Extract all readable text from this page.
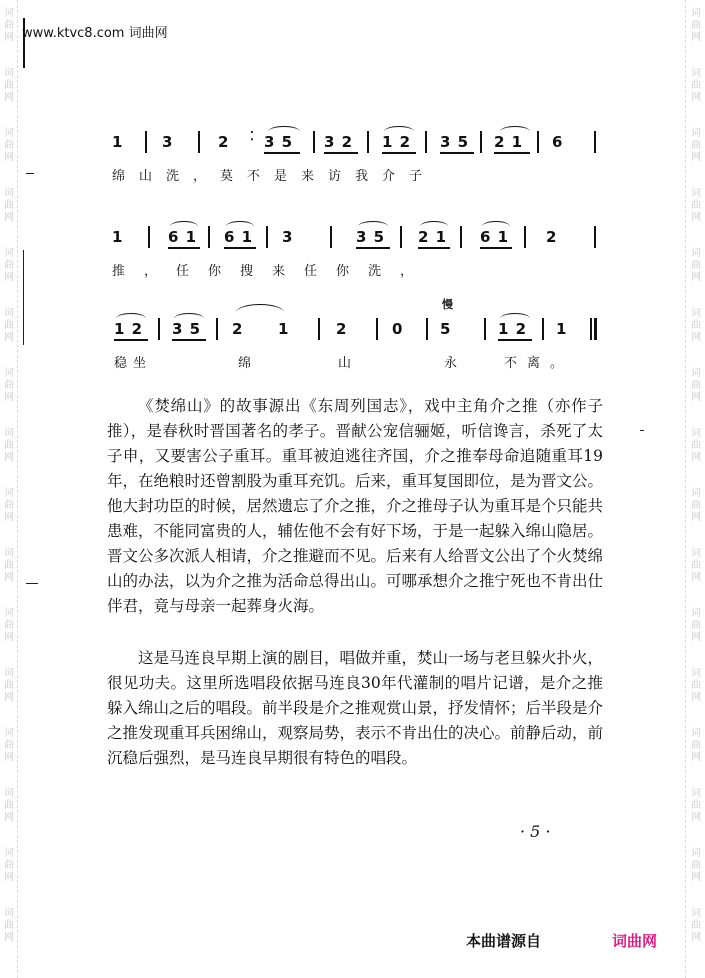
词
曲
网
词
曲
网
词
曲
网
词
曲
网
词
曲
网
词
曲
网
词
曲
网
词
曲
网
词
曲
网
词
曲
网
词
曲
网
词
曲
网
词
曲
网
词
曲
网
词
曲
网
词
曲
网
词
曲
网
词
曲
网
词
曲
网
词
曲
网
词
曲
网
词
曲
网
词
曲
网
词
曲
网
词
曲
网
词
曲
网
词
曲
网
词
曲
网
词
曲
网
词
曲
网
词
曲
网
词
曲
网
www.ktvc8.com 词曲网
1	3	2 ⁚ 3 5 3 2 1 2 3 5 2 1 6
绵山洗，莫不是来访我介子
1	6 1 6 1 3	3 5 2 1 6 1 2
推，任你搜来任你洗，
1 2 3 5 2 1	2	0
慢
5	1 2 1
稳坐	绵	山	永	不离。

《焚绵山》的故事源出《东周列国志》，戏中主角介之推（亦作子推），是春秋时晋国著名的孝子。晋献公宠信骊姬，听信谗言，杀死了太子申，又要害公子重耳。重耳被迫逃往齐国，介之推奉母命追随重耳19年，在绝粮时还曾割股为重耳充饥。后来，重耳复国即位，是为晋文公。他大封功臣的时候，居然遗忘了介之推，介之推母子认为重耳是个只能共患难，不能同富贵的人，辅佐他不会有好下场，于是一起躲入绵山隐居。晋文公多次派人相请，介之推避而不见。后来有人给晋文公出了个火焚绵山的办法，以为介之推为活命总得出山。可哪承想介之推宁死也不肯出仕伴君，竟与母亲一起葬身火海。

这是马连良早期上演的剧目，唱做并重，焚山一场与老旦躲火扑火，很见功夫。这里所选唱段依据马连良30年代灌制的唱片记谱，是介之推躲入绵山之后的唱段。前半段是介之推观赏山景，抒发情怀；后半段是介之推发现重耳兵困绵山，观察局势，表示不肯出仕的决心。前静后动，前沉稳后强烈，是马连良早期很有特色的唱段。

· 5 ·
本曲谱源自	词曲网
